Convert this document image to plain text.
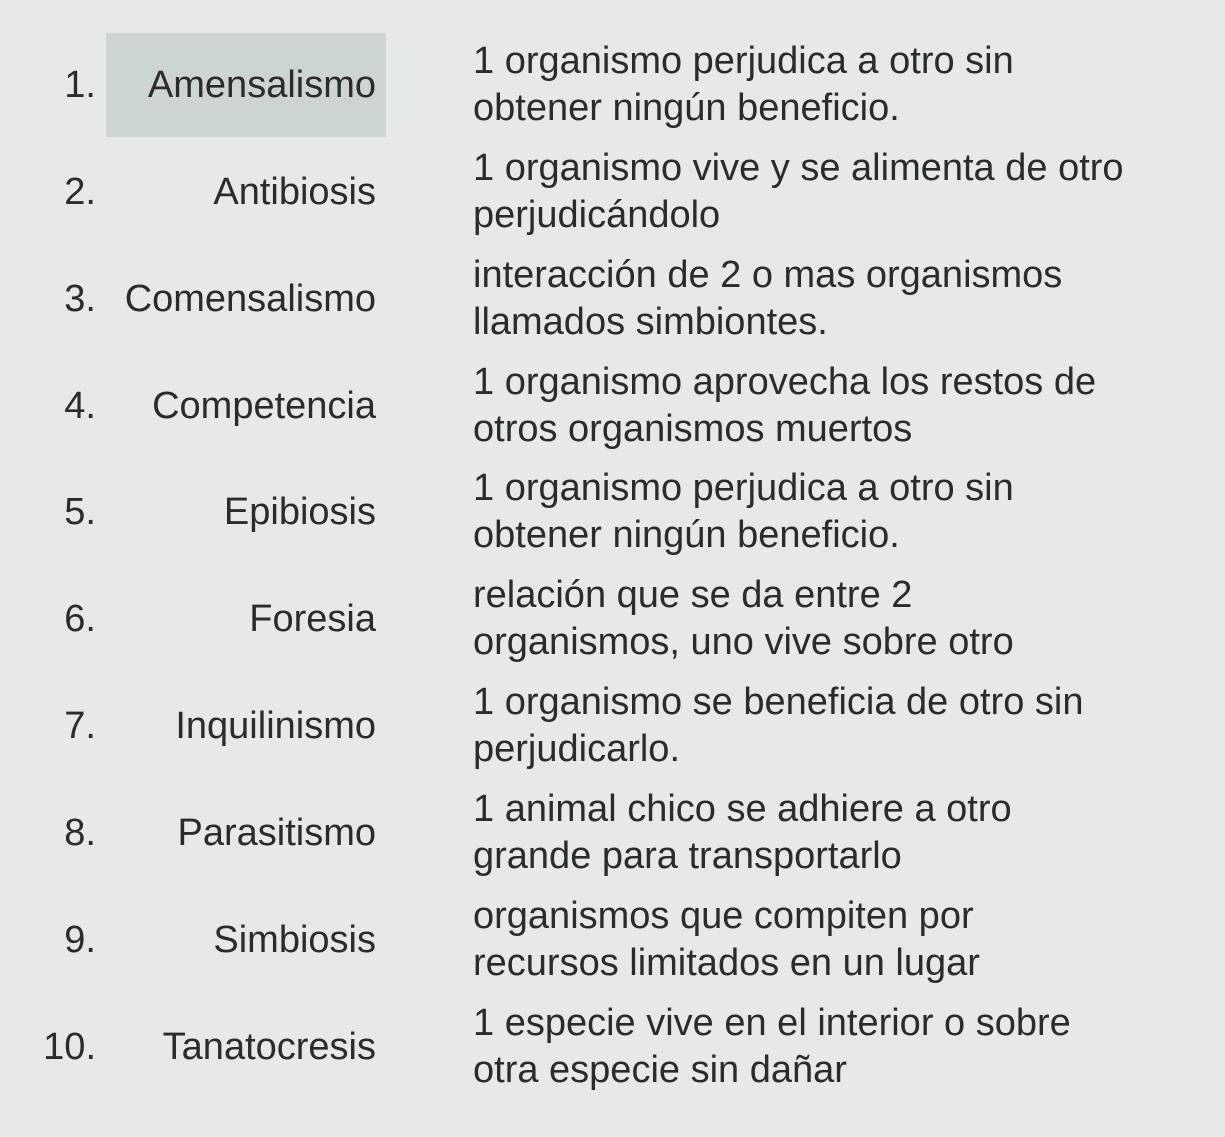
1.	Amensalismo
1 organismo perjudica a otro sin
obtener ningún beneficio.
2.	Antibiosis
1 organismo vive y se alimenta de otro
perjudicándolo
3. Comensalismo
interacción de 2 o mas organismos
llamados simbiontes.
4.	Competencia
1 organismo aprovecha los restos de
otros organismos muertos
5.	Epibiosis
1 organismo perjudica a otro sin
obtener ningún beneficio.
6.	Foresia
relación que se da entre 2
organismos, uno vive sobre otro
7.	Inquilinismo
1 organismo se beneficia de otro sin
perjudicarlo.
8.	Parasitismo
1 animal chico se adhiere a otro
grande para transportarlo
9.	Simbiosis
organismos que compiten por
recursos limitados en un lugar
10.	Tanatocresis
1 especie vive en el interior o sobre
otra especie sin dañar
